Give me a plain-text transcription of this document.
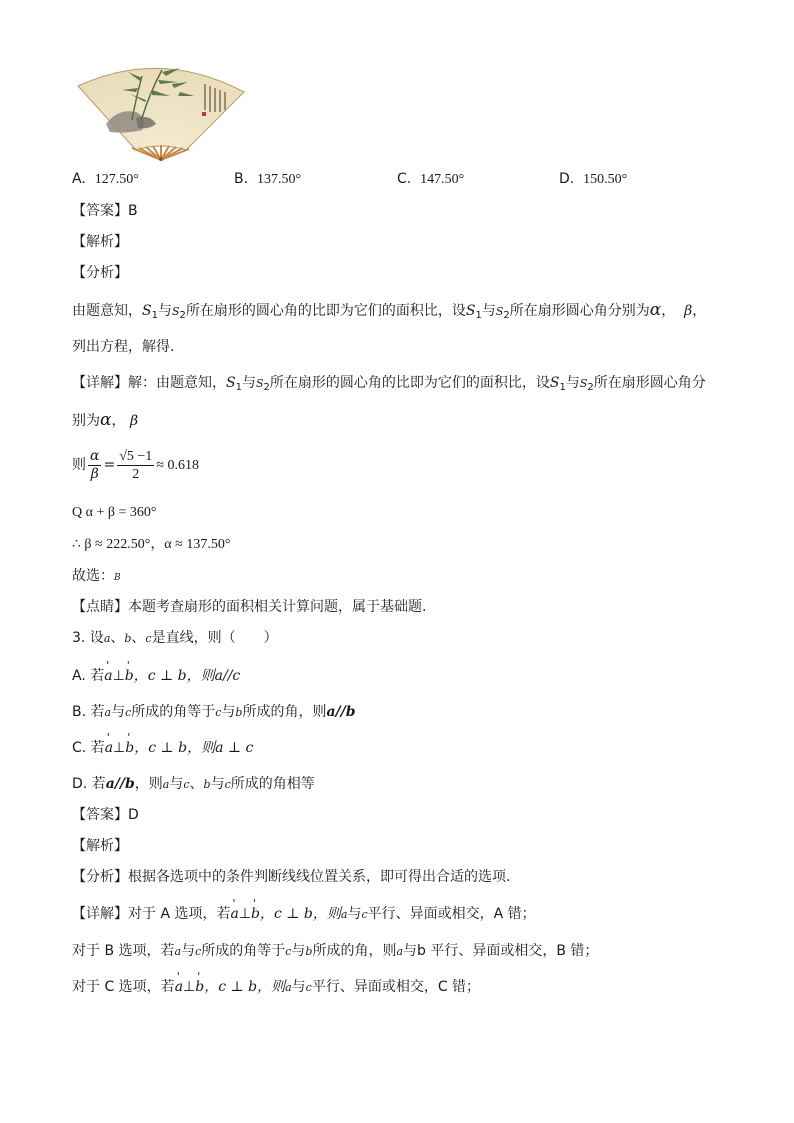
A. 127.50°	B. 137.50°	C. 147.50°	D. 150.50°
【答案】B
【解析】
【分析】
由题意知，$S_1$与$S_2$所在扇形的圆心角的比即为它们的面积比，设$S_1$与$S_2$所在扇形圆心角分别为α， β，
列出方程，解得.
【详解】解：由题意知，$S_1$与$S_2$所在扇形的圆心角的比即为它们的面积比，设$S_1$与$S_2$所在扇形圆心角分
别为α， β
则 $\frac{\alpha}{\beta} = \frac{√5 -1}{2} \approx 0.618$
Q α + β = 360°
∴ β ≈ 222.50°，α ≈ 137.50°
故选：B
【点睛】本题考查扇形的面积相关计算问题，属于基础题.
3. 设a、b、c是直线，则（　　）
A. 若' a⊥' b，c ⊥ b，则a//c
B. 若a与c所成的角等于c与b所成的角，则a//b
C. 若' a⊥' b，c ⊥ b，则a ⊥ c
D. 若a//b，则a与c、b与c所成的角相等
【答案】D
【解析】
【分析】根据各选项中的条件判断线线位置关系，即可得出合适的选项.
【详解】对于 A 选项，若' a⊥' b，c ⊥ b，则a与c平行、异面或相交，A 错；
对于 B 选项，若a与c所成的角等于c与b所成的角，则a与b 平行、异面或相交，B 错；
对于 C 选项，若' a⊥' b，c ⊥ b，则a与c平行、异面或相交，C 错；
